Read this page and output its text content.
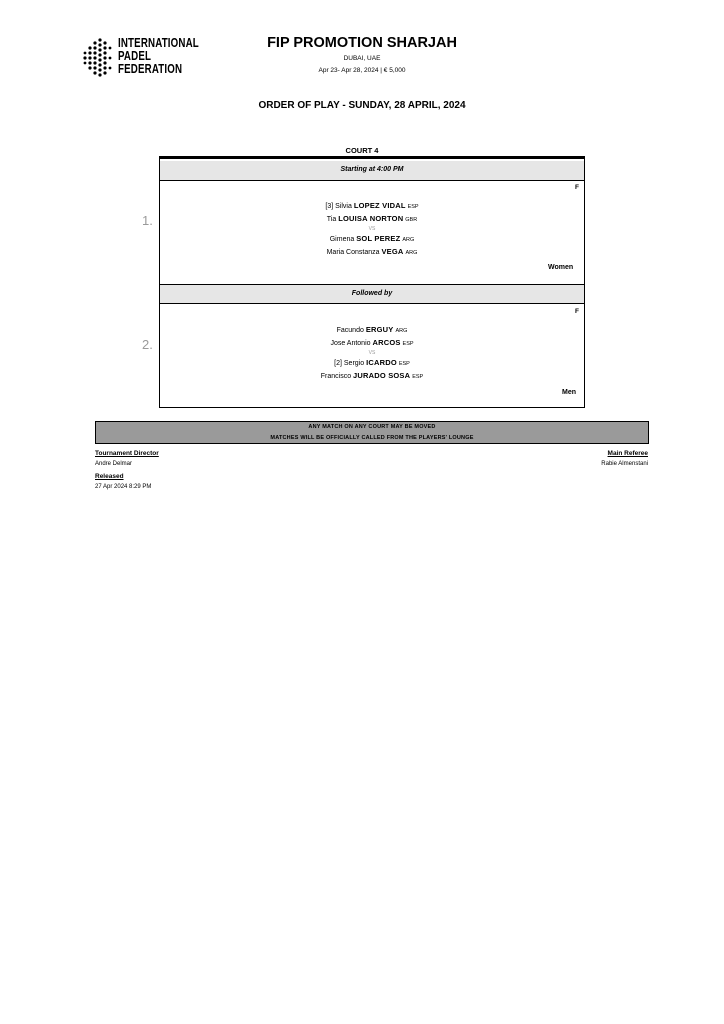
INTERNATIONAL
PADEL
FEDERATION
FIP PROMOTION SHARJAH
DUBAI, UAE
Apr 23- Apr 28, 2024 | € 5,000
ORDER OF PLAY - SUNDAY, 28 APRIL, 2024
COURT 4
Starting at 4:00 PM
Followed by
1.
F
Women
[3] Silvia LOPEZ VIDAL ESP
Tia LOUISA NORTON GBR
VS
Gimena SOL PEREZ ARG
Maria Constanza VEGA ARG
2.
F
Men
Facundo ERGUY ARG
Jose Antonio ARCOS ESP
VS
[2] Sergio ICARDO ESP
Francisco JURADO SOSA ESP
ANY MATCH ON ANY COURT MAY BE MOVED
MATCHES WILL BE OFFICIALLY CALLED FROM THE PLAYERS' LOUNGE
Tournament Director
Andre Delmar
Main Referee
Rabie Almenstani
Released
27 Apr 2024 8:29 PM
